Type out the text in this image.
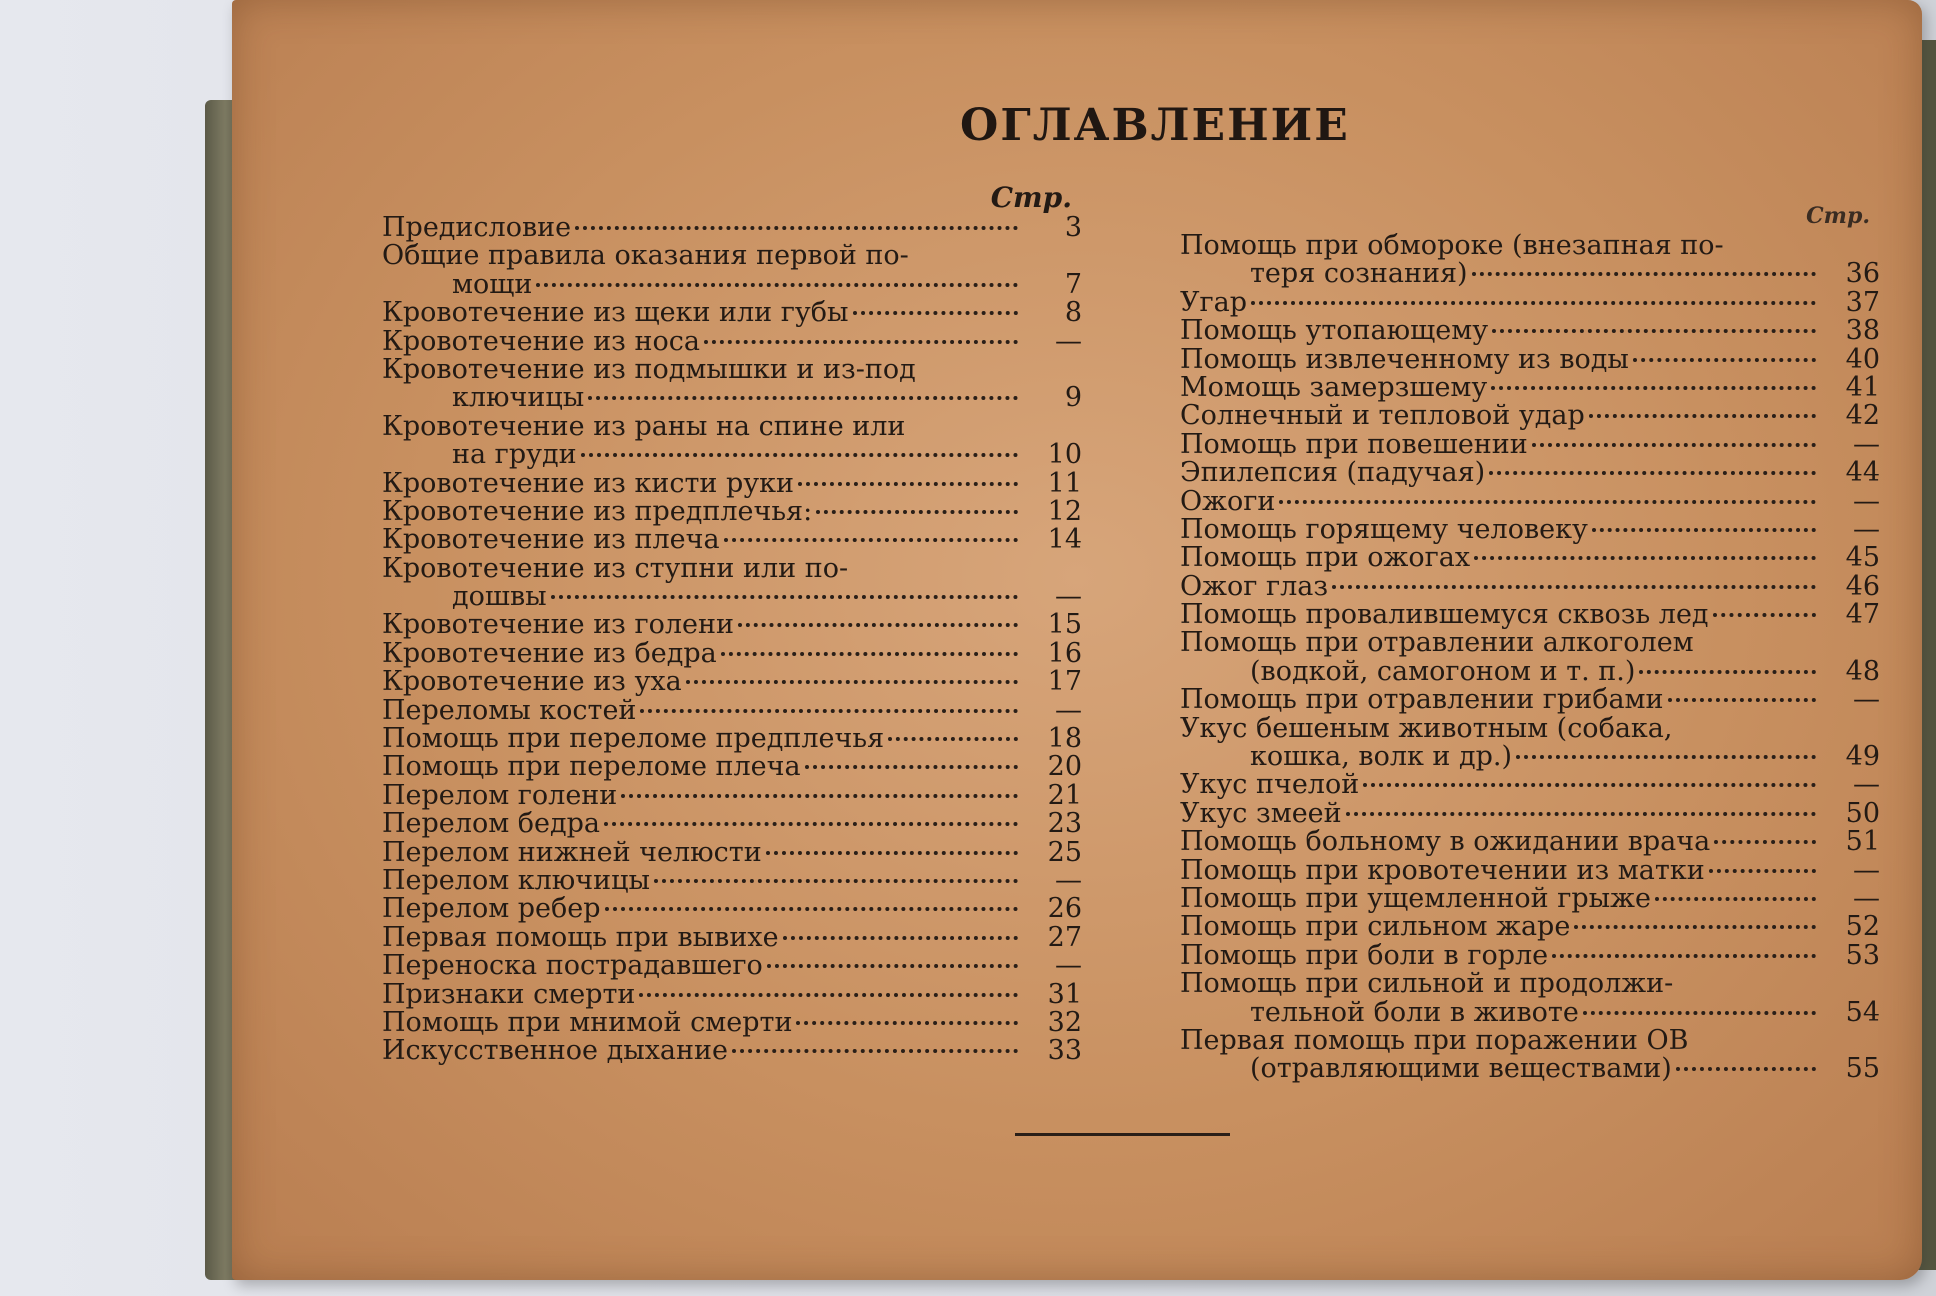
ОГЛАВЛЕНИЕ
Стр.
Предисловие	3
Общие правила оказания первой по-
мощи	7
Кровотечение из щеки или губы	8
Кровотечение из носа	—
Кровотечение из подмышки и из-под
ключицы	9
Кровотечение из раны на спине или
на груди	10
Кровотечение из кисти руки	11
Кровотечение из предплечья:	12
Кровотечение из плеча	14
Кровотечение из ступни или по-
дошвы	—
Кровотечение из голени	15
Кровотечение из бедра	16
Кровотечение из уха	17
Переломы костей	—
Помощь при переломе предплечья	18
Помощь при переломе плеча	20
Перелом голени	21
Перелом бедра	23
Перелом нижней челюсти	25
Перелом ключицы	—
Перелом ребер	26
Первая помощь при вывихе	27
Переноска пострадавшего	—
Признаки смерти	31
Помощь при мнимой смерти	32
Искусственное дыхание	33
Стр.
Помощь при обмороке (внезапная по-
теря сознания)	36
Угар	37
Помощь утопающему	38
Помощь извлеченному из воды	40
Момощь замерзшему	41
Солнечный и тепловой удар	42
Помощь при повешении	—
Эпилепсия (падучая)	44
Ожоги	—
Помощь горящему человеку	—
Помощь при ожогах	45
Ожог глаз	46
Помощь провалившемуся сквозь лед	47
Помощь при отравлении алкоголем
(водкой, самогоном и т. п.)	48
Помощь при отравлении грибами	—
Укус бешеным животным (собака,
кошка, волк и др.)	49
Укус пчелой	—
Укус змеей	50
Помощь больному в ожидании врача	51
Помощь при кровотечении из матки	—
Помощь при ущемленной грыже	—
Помощь при сильном жаре	52
Помощь при боли в горле	53
Помощь при сильной и продолжи-
тельной боли в животе	54
Первая помощь при поражении ОВ
(отравляющими веществами)	55
